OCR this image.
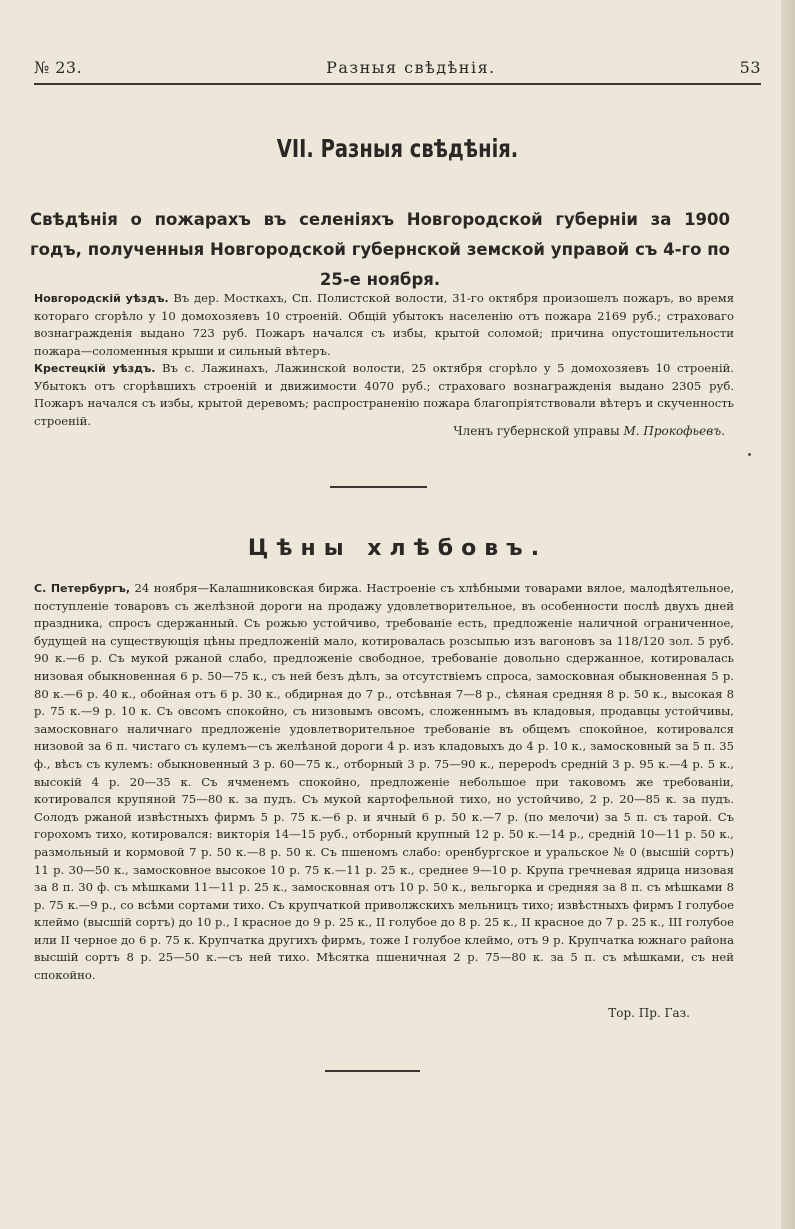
№ 23.	Разныя свѣдѣнія.	53
VII. Разныя свѣдѣнія.
Свѣдѣнія о пожарахъ въ селеніяхъ Новгородской губерніи за 1900 годъ, полученныя Новгородской губернской земской управой съ 4-го по 25-е ноября.
Новгородскій уѣздъ. Въ дер. Мосткахъ, Сп. Полистской волости, 31-го октября произошелъ пожаръ, во время котораго сгорѣло у 10 домохозяевъ 10 строеній. Общій убытокъ населенію отъ пожара 2169 руб.; страховаго вознагражденія выдано 723 руб. Пожаръ начался съ избы, крытой соломой; причина опустошительности пожара—соломенныя крыши и сильный вѣтеръ.
Крестецкій уѣздъ. Въ с. Лажинахъ, Лажинской волости, 25 октября сгорѣло у 5 домохозяевъ 10 строеній. Убытокъ отъ сгорѣвшихъ строеній и движимости 4070 руб.; страховаго вознагражденія выдано 2305 руб. Пожаръ начался съ избы, крытой деревомъ; распространенію пожара благопріятствовали вѣтеръ и скученность строеній.
Членъ губернской управы М. Прокофьевъ.
Цѣны хлѣбовъ.
С. Петербургъ, 24 ноября—Калашниковская биржа. Настроеніе съ хлѣбными товарами вялое, малодѣятельное, поступленіе товаровъ съ желѣзной дороги на продажу удовлетворительное, въ особенности послѣ двухъ дней праздника, спросъ сдержанный. Съ рожью устойчиво, требованіе есть, предложеніе наличной ограниченное, будущей на существующія цѣны предложеній мало, котировалась розсыпью изъ вагоновъ за 118/120 зол. 5 руб. 90 к.—6 р. Съ мукой ржаной слабо, предложеніе свободное, требованіе довольно сдержанное, котировалась низовая обыкновенная 6 р. 50—75 к., съ ней безъ дѣлъ, за отсутствіемъ спроса, замосковная обыкновенная 5 р. 80 к.—6 р. 40 к., обойная отъ 6 р. 30 к., обдирная до 7 р., отсѣвная 7—8 р., сѣяная средняя 8 р. 50 к., высокая 8 р. 75 к.—9 р. 10 к. Съ овсомъ спокойно, съ низовымъ овсомъ, сложеннымъ въ кладовыя, продавцы устойчивы, замосковнаго наличнаго предложеніе удовлетворительное требованіе въ общемъ спокойное, котировался низовой за 6 п. чистаго съ кулемъ—съ желѣзной дороги 4 р. изъ кладовыхъ до 4 р. 10 к., замосковный за 5 п. 35 ф., вѣсъ съ кулемъ: обыкновенный 3 р. 60—75 к., отборный 3 р. 75—90 к., перерodъ средній 3 р. 95 к.—4 р. 5 к., высокій 4 р. 20—35 к. Съ ячменемъ спокойно, предложеніе небольшое при таковомъ же требованіи, котировался крупяной 75—80 к. за пудъ. Съ мукой картофельной тихо, но устойчиво, 2 р. 20—85 к. за пудъ. Солодъ ржаной извѣстныхъ фирмъ 5 р. 75 к.—6 р. и ячный 6 р. 50 к.—7 р. (по мелочи) за 5 п. съ тарой. Съ горохомъ тихо, котировался: викторія 14—15 руб., отборный крупный 12 р. 50 к.—14 р., средній 10—11 р. 50 к., размольный и кормовой 7 р. 50 к.—8 р. 50 к. Съ пшеномъ слабо: оренбургское и уральское № 0 (высшій сортъ) 11 р. 30—50 к., замосковное высокое 10 р. 75 к.—11 р. 25 к., среднее 9—10 р. Крупа гречневая ядрица низовая за 8 п. 30 ф. съ мѣшками 11—11 р. 25 к., замосковная отъ 10 р. 50 к., вельгорка и средняя за 8 п. съ мѣшками 8 р. 75 к.—9 р., со всѣми сортами тихо. Съ крупчаткой приволжскихъ мельницъ тихо; извѣстныхъ фирмъ I голубое клеймо (высшій сортъ) до 10 р., I красное до 9 р. 25 к., II голубое до 8 р. 25 к., II красное до 7 р. 25 к., III голубое или II черное до 6 р. 75 к. Крупчатка другихъ фирмъ, тоже I голубое клеймо, отъ 9 р. Крупчатка южнаго района высшій сортъ 8 р. 25—50 к.—съ ней тихо. Мѣсятка пшеничная 2 р. 75—80 к. за 5 п. съ мѣшками, съ ней спокойно.
Тор. Пр. Газ.
